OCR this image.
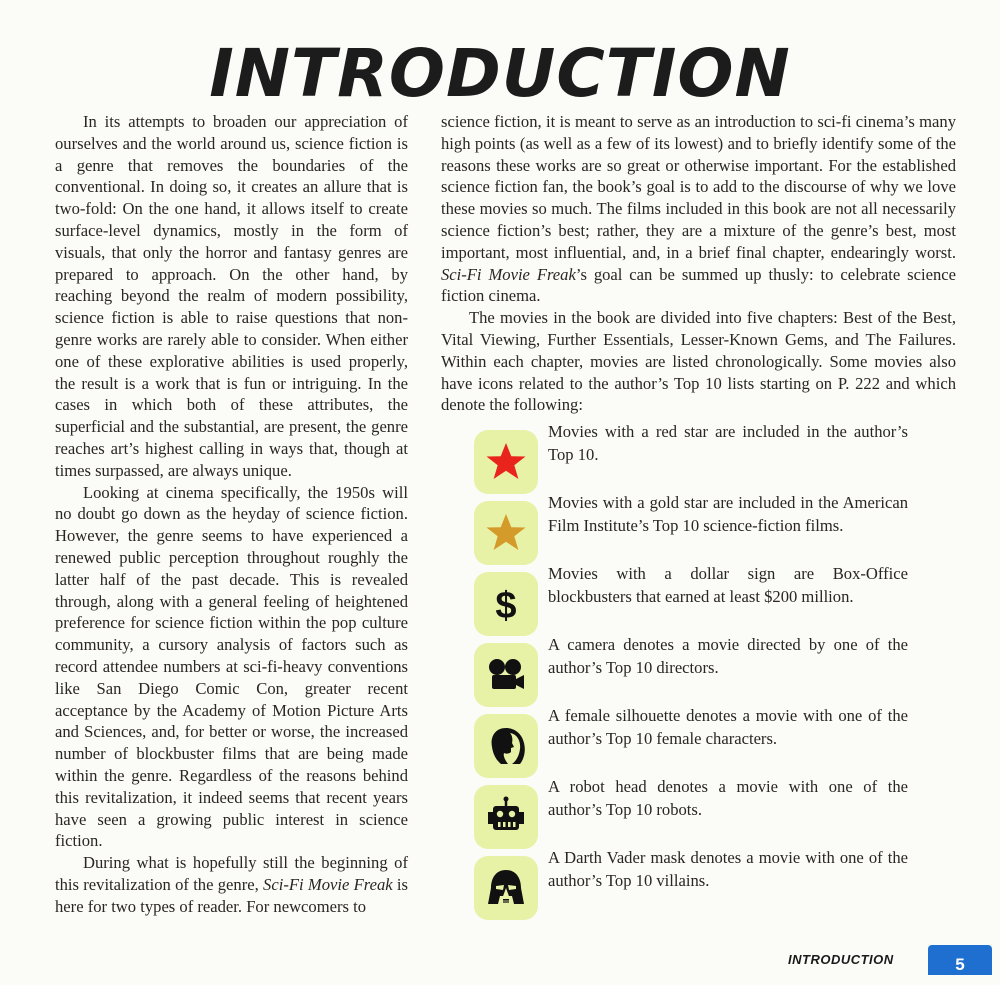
INTRODUCTION

In its attempts to broaden our appreciation of ourselves and the world around us, science fiction is a genre that removes the boundaries of the conventional. In doing so, it creates an allure that is two-fold: On the one hand, it allows itself to create surface-level dynamics, mostly in the form of visuals, that only the horror and fantasy genres are prepared to approach. On the other hand, by reaching beyond the realm of modern possibility, science fiction is able to raise questions that non-genre works are rarely able to consider. When either one of these explorative abilities is used properly, the result is a work that is fun or intriguing. In the cases in which both of these attributes, the superficial and the substantial, are present, the genre reaches art’s highest calling in ways that, though at times surpassed, are always unique.

Looking at cinema specifically, the 1950s will no doubt go down as the heyday of science fiction. However, the genre seems to have experienced a renewed public perception throughout roughly the latter half of the past decade. This is revealed through, along with a general feeling of heightened preference for science fiction within the pop culture community, a cursory analysis of factors such as record attendee numbers at sci-fi-heavy conventions like San Diego Comic Con, greater recent acceptance by the Academy of Motion Picture Arts and Sciences, and, for better or worse, the increased number of blockbuster films that are being made within the genre. Regardless of the reasons behind this revitalization, it indeed seems that recent years have seen a growing public interest in science fiction.

During what is hopefully still the beginning of this revitalization of the genre, Sci-Fi Movie Freak is here for two types of reader. For newcomers to

science fiction, it is meant to serve as an introduction to sci-fi cinema’s many high points (as well as a few of its lowest) and to briefly identify some of the reasons these works are so great or otherwise important. For the established science fiction fan, the book’s goal is to add to the discourse of why we love these movies so much. The films included in this book are not all necessarily science fiction’s best; rather, they are a mixture of the genre’s best, most important, most influential, and, in a brief final chapter, endearingly worst. Sci-Fi Movie Freak’s goal can be summed up thusly: to celebrate science fiction cinema.

The movies in the book are divided into five chapters: Best of the Best, Vital Viewing, Further Essentials, Lesser-Known Gems, and The Failures. Within each chapter, movies are listed chronologically. Some movies also have icons related to the author’s Top 10 lists starting on P. 222 and which denote the following:

Movies with a red star are included in the author’s Top 10.
Movies with a gold star are included in the American Film Institute’s Top 10 science-fiction films.
$
Movies with a dollar sign are Box-Office blockbusters that earned at least $200 million.
A camera denotes a movie directed by one of the author’s Top 10 directors.
A female silhouette denotes a movie with one of the author’s Top 10 female characters.
A robot head denotes a movie with one of the author’s Top 10 robots.
A Darth Vader mask denotes a movie with one of the author’s Top 10 villains.
INTRODUCTION	5
